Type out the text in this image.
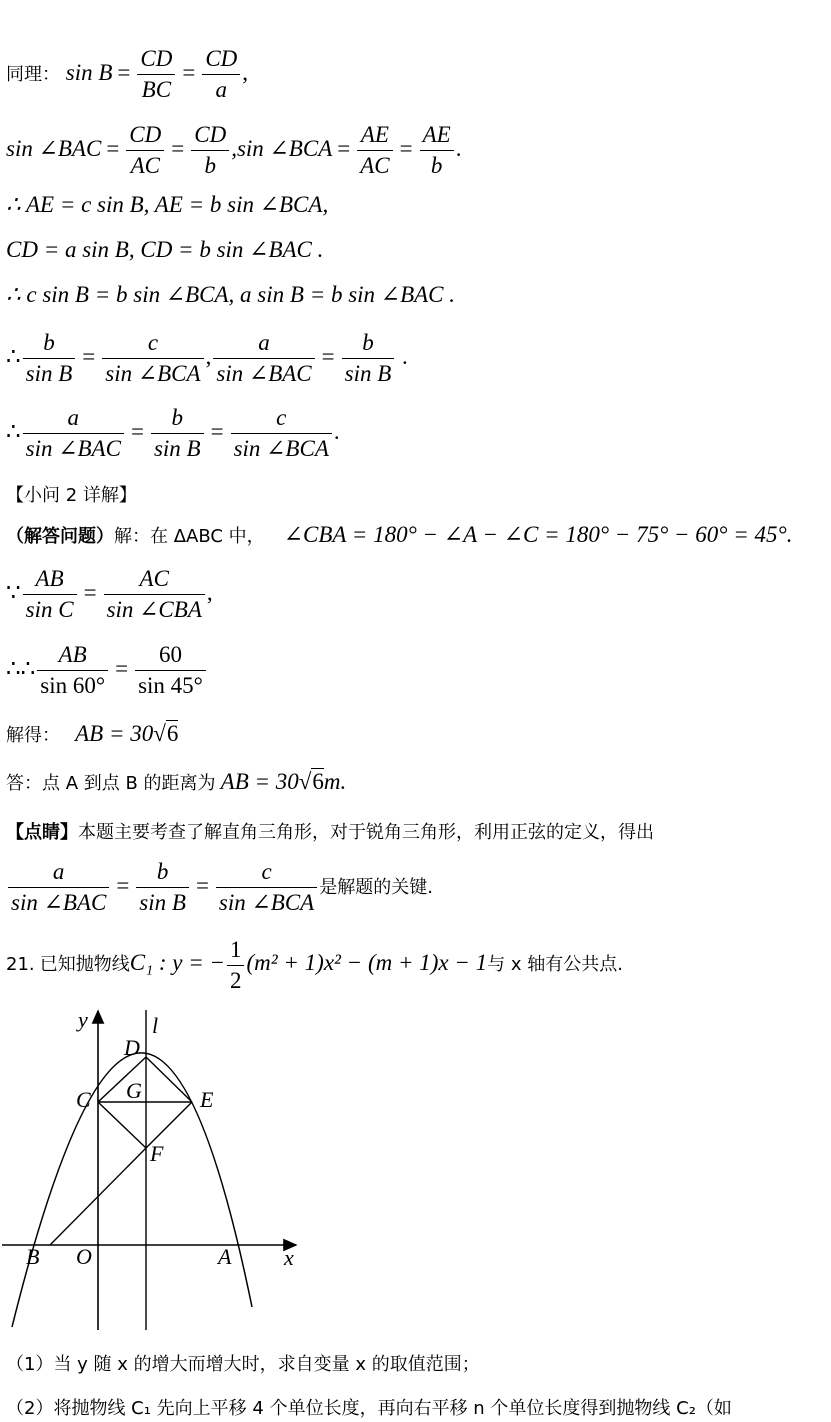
同理： $\sin B = \frac{CD}{BC} = \frac{CD}{a}$ ,
sin ∠BAC = $\frac{CD}{AC} = \frac{CD}{b} ,\sin$ ∠BCA = $\frac{AE}{AC} = \frac{AE}{b}$ .
∴ AE = c sin B, AE = b sin ∠BCA,
CD = a sin B, CD = b sin ∠BAC .
∴ c sin B = b sin ∠BCA, a sin B = b sin ∠BAC .
∴ $\frac{b}{\text{sin B}} = \frac{c}{\text{sin ∠BCA}}$ , $\frac{a}{\text{sin ∠BAC}} = \frac{b}{\text{sin B}}$ .
∴ $\frac{a}{\text{sin ∠BAC}} = \frac{b}{\text{sin B}} = \frac{c}{\text{sin ∠BCA}}$ .
【小问 2 详解】
（解答问题）解：在 ΔABC 中， ∠CBA = 180° − ∠A − ∠C = 180° − 75° − 60° = 45°.
∵ $\frac{AB}{\text{sin C}} = \frac{AC}{\text{sin ∠CBA}}$ ,
∴∴ $\frac{AB}{\sin 60^\circ} = \frac{60}{\sin 45^\circ}$
解得： AB = 30√6
答：点 A 到点 B 的距离为 AB = 30√6m.
【点睛】本题主要考查了解直角三角形，对于锐角三角形，利用正弦的定义，得出
$\frac{a}{\text{sin ∠BAC}} = \frac{b}{\text{sin B}} = \frac{c}{\text{sin ∠BCA}}$ 是解题的关键.
21. 已知抛物线C₁ : y = − $\frac{1}{2} (m^2 + 1)x^2 - (m + 1)x - 1$与 x 轴有公共点.
y	l
D
G
C	E
F
B O	A x
（1）当 y 随 x 的增大而增大时，求自变量 x 的取值范围；
（2）将抛物线 C₁ 先向上平移 4 个单位长度，再向右平移 n 个单位长度得到抛物线 C₂（如
